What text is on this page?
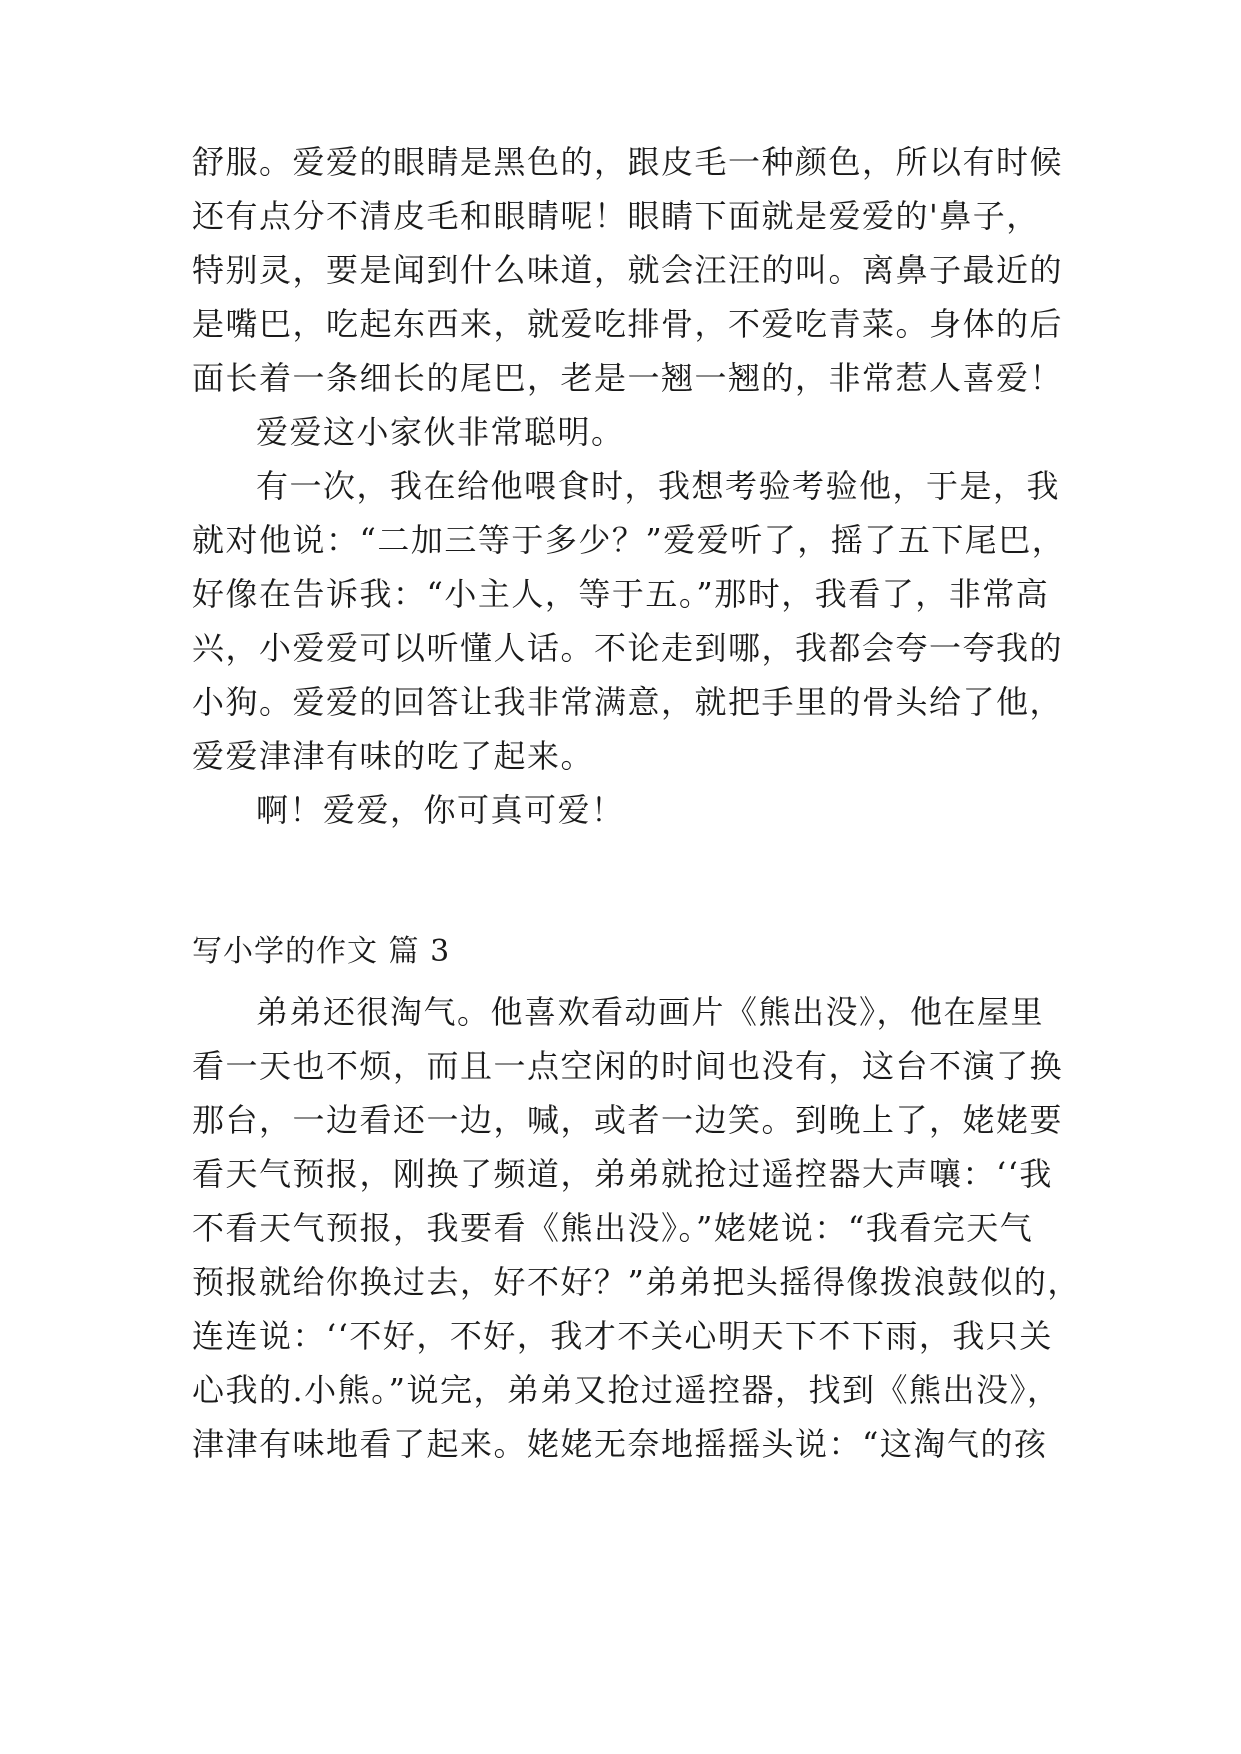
舒服。爱爱的眼睛是黑色的，跟皮毛一种颜色，所以有时候
还有点分不清皮毛和眼睛呢！眼睛下面就是爱爱的'鼻子，
特别灵，要是闻到什么味道，就会汪汪的叫。离鼻子最近的
是嘴巴，吃起东西来，就爱吃排骨，不爱吃青菜。身体的后
面长着一条细长的尾巴，老是一翘一翘的，非常惹人喜爱！
爱爱这小家伙非常聪明。
有一次，我在给他喂食时，我想考验考验他，于是，我
就对他说：“二加三等于多少？”爱爱听了，摇了五下尾巴，
好像在告诉我：“小主人，等于五。”那时，我看了，非常高
兴，小爱爱可以听懂人话。不论走到哪，我都会夸一夸我的
小狗。爱爱的回答让我非常满意，就把手里的骨头给了他，
爱爱津津有味的吃了起来。
啊！爱爱，你可真可爱！
写小学的作文 篇 3
弟弟还很淘气。他喜欢看动画片《熊出没》，他在屋里
看一天也不烦，而且一点空闲的时间也没有，这台不演了换
那台，一边看还一边，喊，或者一边笑。到晚上了，姥姥要
看天气预报，刚换了频道，弟弟就抢过遥控器大声嚷：‘‘我
不看天气预报，我要看《熊出没》。”姥姥说：“我看完天气
预报就给你换过去，好不好？”弟弟把头摇得像拨浪鼓似的，
连连说：‘‘不好，不好，我才不关心明天下不下雨，我只关
心我的.小熊。”说完，弟弟又抢过遥控器，找到《熊出没》，
津津有味地看了起来。姥姥无奈地摇摇头说：“这淘气的孩
